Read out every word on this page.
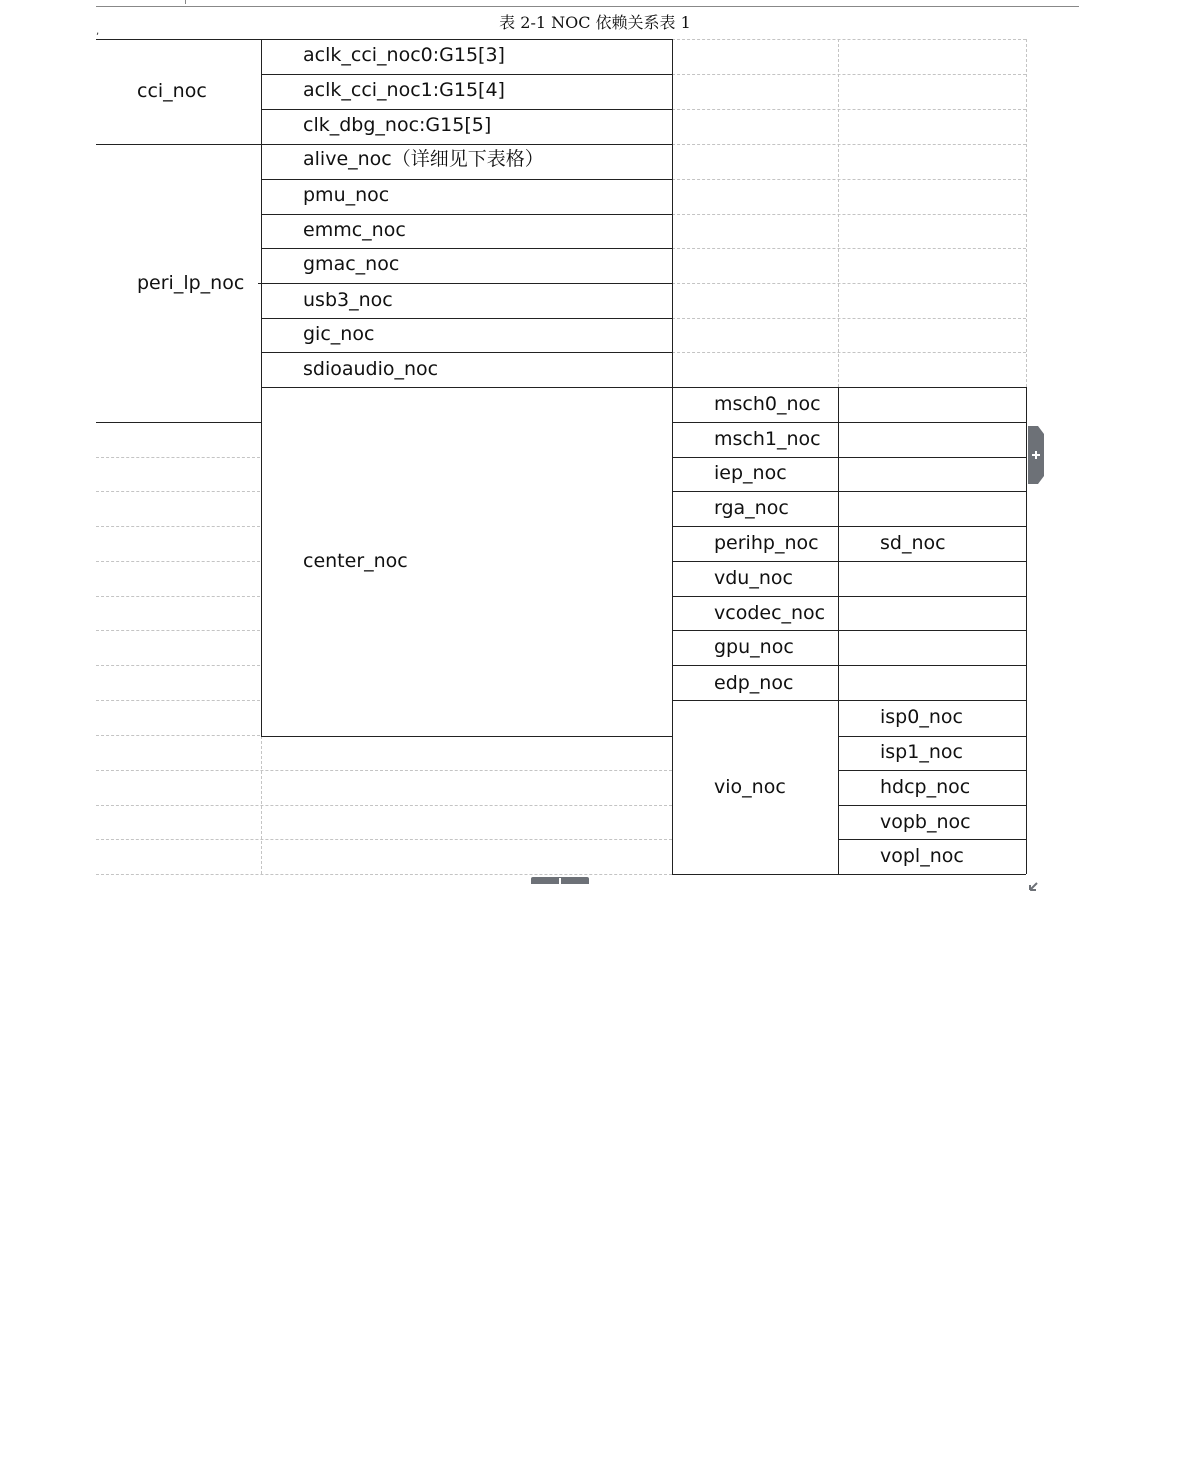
表 2-1 NOC 依赖关系表 1
,
cci_noc
peri_lp_noc
aclk_cci_noc0:G15[3]
aclk_cci_noc1:G15[4]
clk_dbg_noc:G15[5]
alive_noc（详细见下表格）
pmu_noc
emmc_noc
gmac_noc
usb3_noc
gic_noc
sdioaudio_noc
center_noc
msch0_noc
msch1_noc
iep_noc
rga_noc
perihp_noc
vdu_noc
vcodec_noc
gpu_noc
edp_noc
vio_noc
sd_noc
isp0_noc
isp1_noc
hdcp_noc
vopb_noc
vopl_noc
